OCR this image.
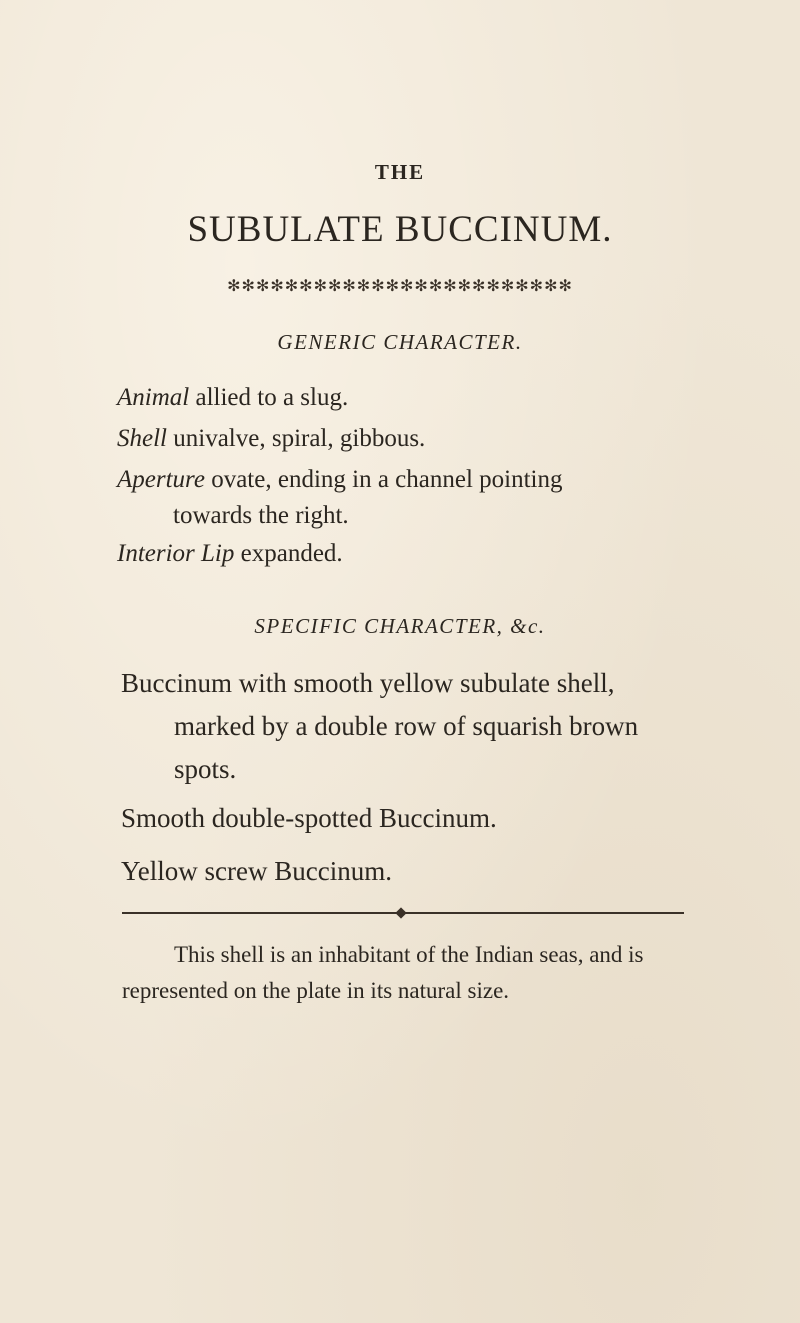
THE
SUBULATE BUCCINUM.
✻✻✻✻✻✻✻✻✻✻✻✻✻✻✻✻✻✻✻✻✻✻✻✻
GENERIC CHARACTER.
Animal allied to a slug.
Shell univalve, spiral, gibbous.
Aperture ovate, ending in a channel pointing
towards the right.
Interior Lip expanded.
SPECIFIC CHARACTER, &c.
Buccinum with smooth yellow subulate shell,
marked by a double row of squarish brown
spots.
Smooth double-spotted Buccinum.
Yellow screw Buccinum.
This shell is an inhabitant of the Indian seas, and is
represented on the plate in its natural size.
